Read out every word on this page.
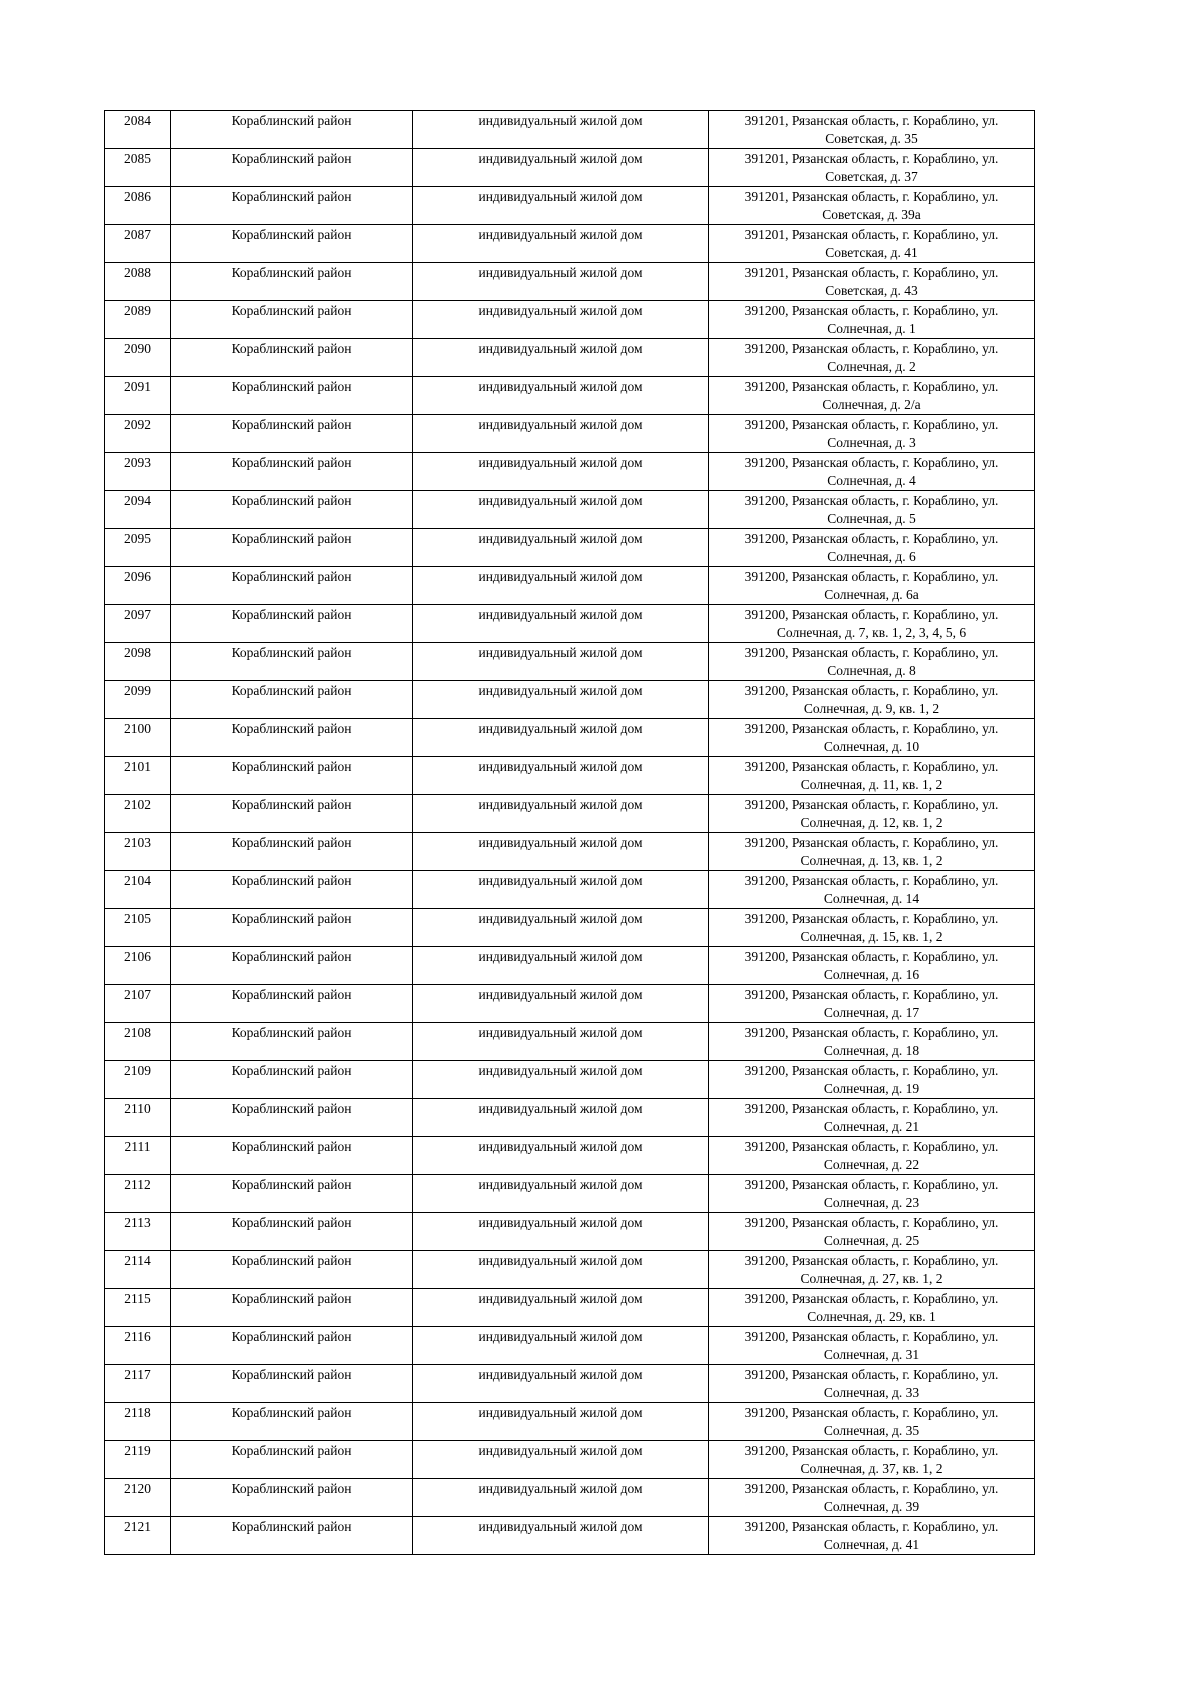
2084	Кораблинский район	индивидуальный жилой дом	391201, Рязанская область, г. Кораблино, ул. Советская, д. 35
2085	Кораблинский район	индивидуальный жилой дом	391201, Рязанская область, г. Кораблино, ул. Советская, д. 37
2086	Кораблинский район	индивидуальный жилой дом	391201, Рязанская область, г. Кораблино, ул. Советская, д. 39а
2087	Кораблинский район	индивидуальный жилой дом	391201, Рязанская область, г. Кораблино, ул. Советская, д. 41
2088	Кораблинский район	индивидуальный жилой дом	391201, Рязанская область, г. Кораблино, ул. Советская, д. 43
2089	Кораблинский район	индивидуальный жилой дом	391200, Рязанская область, г. Кораблино, ул. Солнечная, д. 1
2090	Кораблинский район	индивидуальный жилой дом	391200, Рязанская область, г. Кораблино, ул. Солнечная, д. 2
2091	Кораблинский район	индивидуальный жилой дом	391200, Рязанская область, г. Кораблино, ул. Солнечная, д. 2/а
2092	Кораблинский район	индивидуальный жилой дом	391200, Рязанская область, г. Кораблино, ул. Солнечная, д. 3
2093	Кораблинский район	индивидуальный жилой дом	391200, Рязанская область, г. Кораблино, ул. Солнечная, д. 4
2094	Кораблинский район	индивидуальный жилой дом	391200, Рязанская область, г. Кораблино, ул. Солнечная, д. 5
2095	Кораблинский район	индивидуальный жилой дом	391200, Рязанская область, г. Кораблино, ул. Солнечная, д. 6
2096	Кораблинский район	индивидуальный жилой дом	391200, Рязанская область, г. Кораблино, ул. Солнечная, д. 6а
2097	Кораблинский район	индивидуальный жилой дом	391200, Рязанская область, г. Кораблино, ул. Солнечная, д. 7, кв. 1, 2, 3, 4, 5, 6
2098	Кораблинский район	индивидуальный жилой дом	391200, Рязанская область, г. Кораблино, ул. Солнечная, д. 8
2099	Кораблинский район	индивидуальный жилой дом	391200, Рязанская область, г. Кораблино, ул. Солнечная, д. 9, кв. 1, 2
2100	Кораблинский район	индивидуальный жилой дом	391200, Рязанская область, г. Кораблино, ул. Солнечная, д. 10
2101	Кораблинский район	индивидуальный жилой дом	391200, Рязанская область, г. Кораблино, ул. Солнечная, д. 11, кв. 1, 2
2102	Кораблинский район	индивидуальный жилой дом	391200, Рязанская область, г. Кораблино, ул. Солнечная, д. 12, кв. 1, 2
2103	Кораблинский район	индивидуальный жилой дом	391200, Рязанская область, г. Кораблино, ул. Солнечная, д. 13, кв. 1, 2
2104	Кораблинский район	индивидуальный жилой дом	391200, Рязанская область, г. Кораблино, ул. Солнечная, д. 14
2105	Кораблинский район	индивидуальный жилой дом	391200, Рязанская область, г. Кораблино, ул. Солнечная, д. 15, кв. 1, 2
2106	Кораблинский район	индивидуальный жилой дом	391200, Рязанская область, г. Кораблино, ул. Солнечная, д. 16
2107	Кораблинский район	индивидуальный жилой дом	391200, Рязанская область, г. Кораблино, ул. Солнечная, д. 17
2108	Кораблинский район	индивидуальный жилой дом	391200, Рязанская область, г. Кораблино, ул. Солнечная, д. 18
2109	Кораблинский район	индивидуальный жилой дом	391200, Рязанская область, г. Кораблино, ул. Солнечная, д. 19
2110	Кораблинский район	индивидуальный жилой дом	391200, Рязанская область, г. Кораблино, ул. Солнечная, д. 21
2111	Кораблинский район	индивидуальный жилой дом	391200, Рязанская область, г. Кораблино, ул. Солнечная, д. 22
2112	Кораблинский район	индивидуальный жилой дом	391200, Рязанская область, г. Кораблино, ул. Солнечная, д. 23
2113	Кораблинский район	индивидуальный жилой дом	391200, Рязанская область, г. Кораблино, ул. Солнечная, д. 25
2114	Кораблинский район	индивидуальный жилой дом	391200, Рязанская область, г. Кораблино, ул. Солнечная, д. 27, кв. 1, 2
2115	Кораблинский район	индивидуальный жилой дом	391200, Рязанская область, г. Кораблино, ул. Солнечная, д. 29, кв. 1
2116	Кораблинский район	индивидуальный жилой дом	391200, Рязанская область, г. Кораблино, ул. Солнечная, д. 31
2117	Кораблинский район	индивидуальный жилой дом	391200, Рязанская область, г. Кораблино, ул. Солнечная, д. 33
2118	Кораблинский район	индивидуальный жилой дом	391200, Рязанская область, г. Кораблино, ул. Солнечная, д. 35
2119	Кораблинский район	индивидуальный жилой дом	391200, Рязанская область, г. Кораблино, ул. Солнечная, д. 37, кв. 1, 2
2120	Кораблинский район	индивидуальный жилой дом	391200, Рязанская область, г. Кораблино, ул. Солнечная, д. 39
2121	Кораблинский район	индивидуальный жилой дом	391200, Рязанская область, г. Кораблино, ул. Солнечная, д. 41
